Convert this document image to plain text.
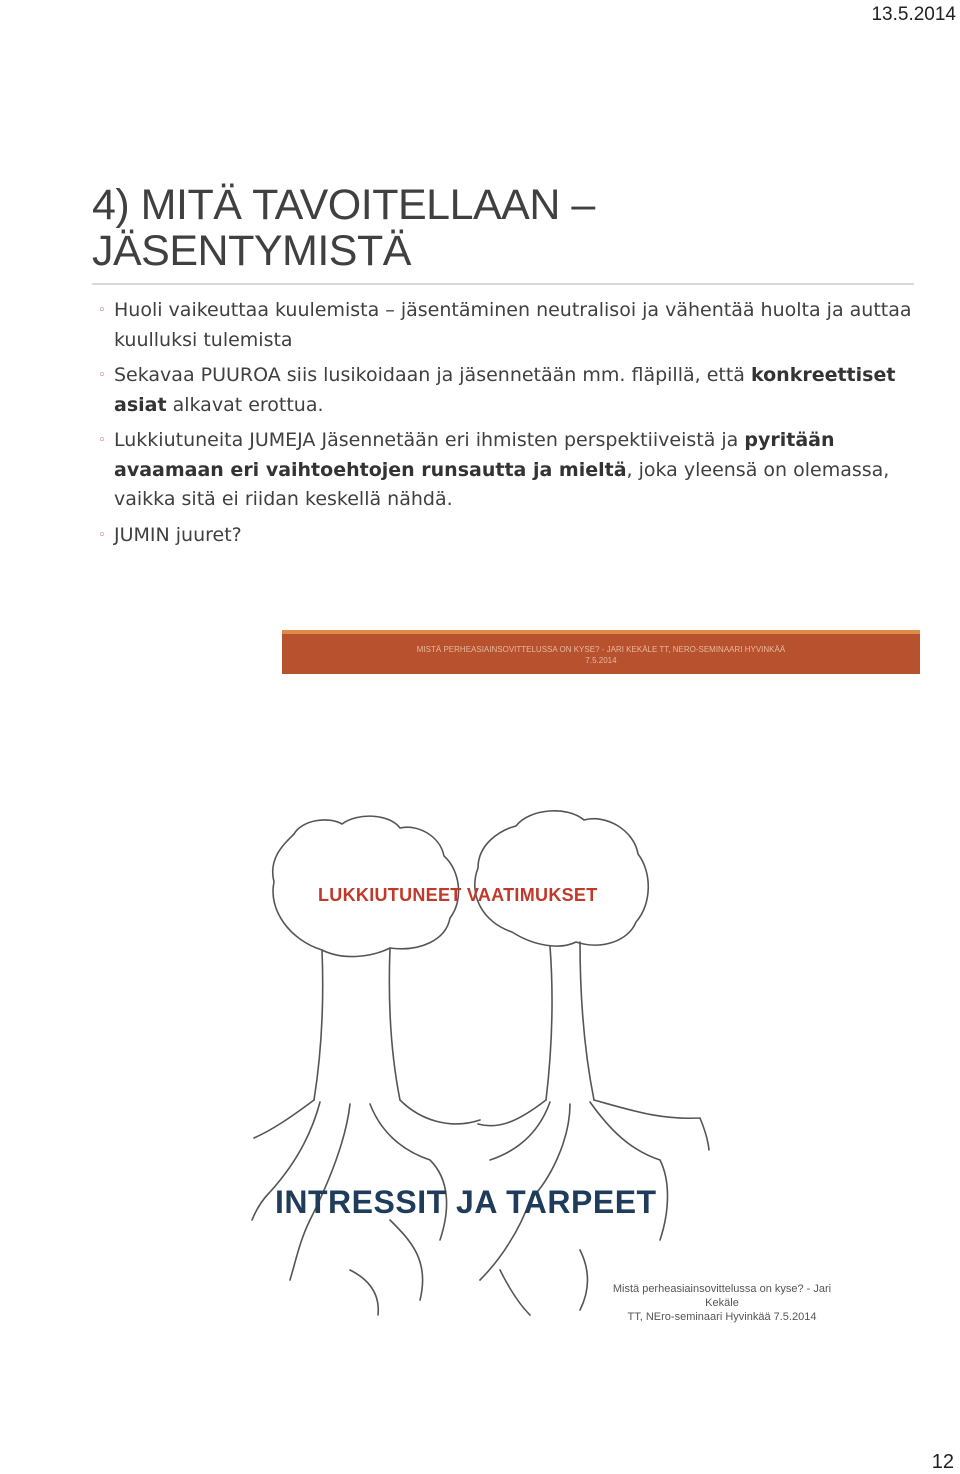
13.5.2014
4) MITÄ TAVOITELLAAN – JÄSENTYMISTÄ
◦ Huoli vaikeuttaa kuulemista – jäsentäminen neutralisoi ja vähentää huolta ja auttaa kuulluksi tulemista
◦ Sekavaa PUUROA siis lusikoidaan ja jäsennetään mm. fläpillä, että konkreettiset asiat alkavat erottua.
◦ Lukkiutuneita JUMEJA Jäsennetään eri ihmisten perspektiiveistä ja pyritään avaamaan eri vaihtoehtojen runsautta ja mieltä, joka yleensä on olemassa, vaikka sitä ei riidan keskellä nähdä.
◦ JUMIN juuret?
MISTÄ PERHEASIAINSOVITTELUSSA ON KYSE? - JARI KEKÄLE TT, NERO-SEMINAARI HYVINKÄÄ
7.5.2014
LUKKIUTUNEET VAATIMUKSET
INTRESSIT JA TARPEET
Mistä perheasiainsovittelussa on kyse? - Jari Kekäle
TT, NEro-seminaari Hyvinkää 7.5.2014
12
